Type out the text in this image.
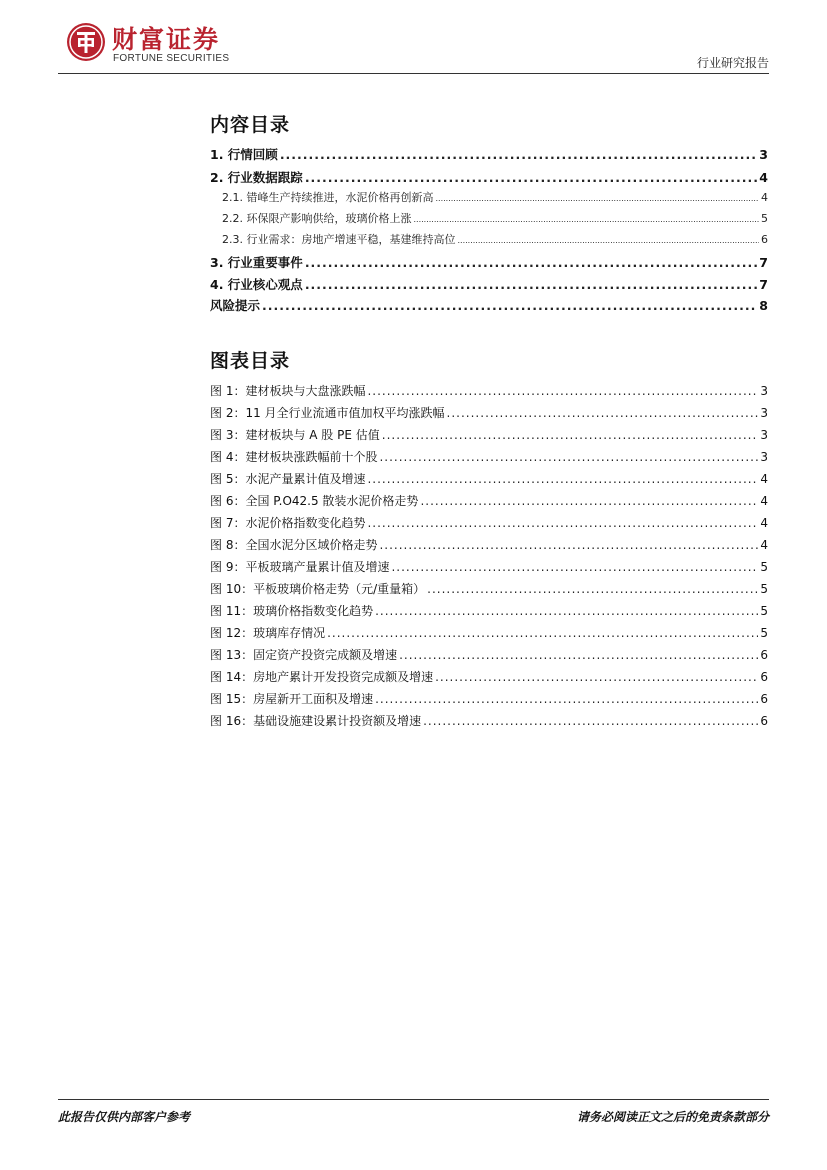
财富证券
FORTUNE SECURITIES	行业研究报告
内容目录
1. 行情回顾 .....	3
2. 行业数据跟踪 .....	4
2.1. 错峰生产持续推进，水泥价格再创新高 .....	4
2.2. 环保限产影响供给，玻璃价格上涨 .....	5
2.3. 行业需求：房地产增速平稳，基建维持高位 .....	6
3. 行业重要事件 .....	7
4. 行业核心观点 .....	7
风险提示 .....	8
图表目录
图 1：建材板块与大盘涨跌幅 .....	3
图 2：11 月全行业流通市值加权平均涨跌幅 .....	3
图 3：建材板块与 A 股 PE 估值 .....	3
图 4：建材板块涨跌幅前十个股 .....	3
图 5：水泥产量累计值及增速 .....	4
图 6：全国 P.O42.5 散装水泥价格走势 .....	4
图 7：水泥价格指数变化趋势 .....	4
图 8：全国水泥分区域价格走势 .....	4
图 9：平板玻璃产量累计值及增速 .....	5
图 10：平板玻璃价格走势（元/重量箱） .....	5
图 11：玻璃价格指数变化趋势 .....	5
图 12：玻璃库存情况 .....	5
图 13：固定资产投资完成额及增速 .....	6
图 14：房地产累计开发投资完成额及增速 .....	6
图 15：房屋新开工面积及增速 .....	6
图 16：基础设施建设累计投资额及增速 .....	6
此报告仅供内部客户参考	请务必阅读正文之后的免责条款部分
